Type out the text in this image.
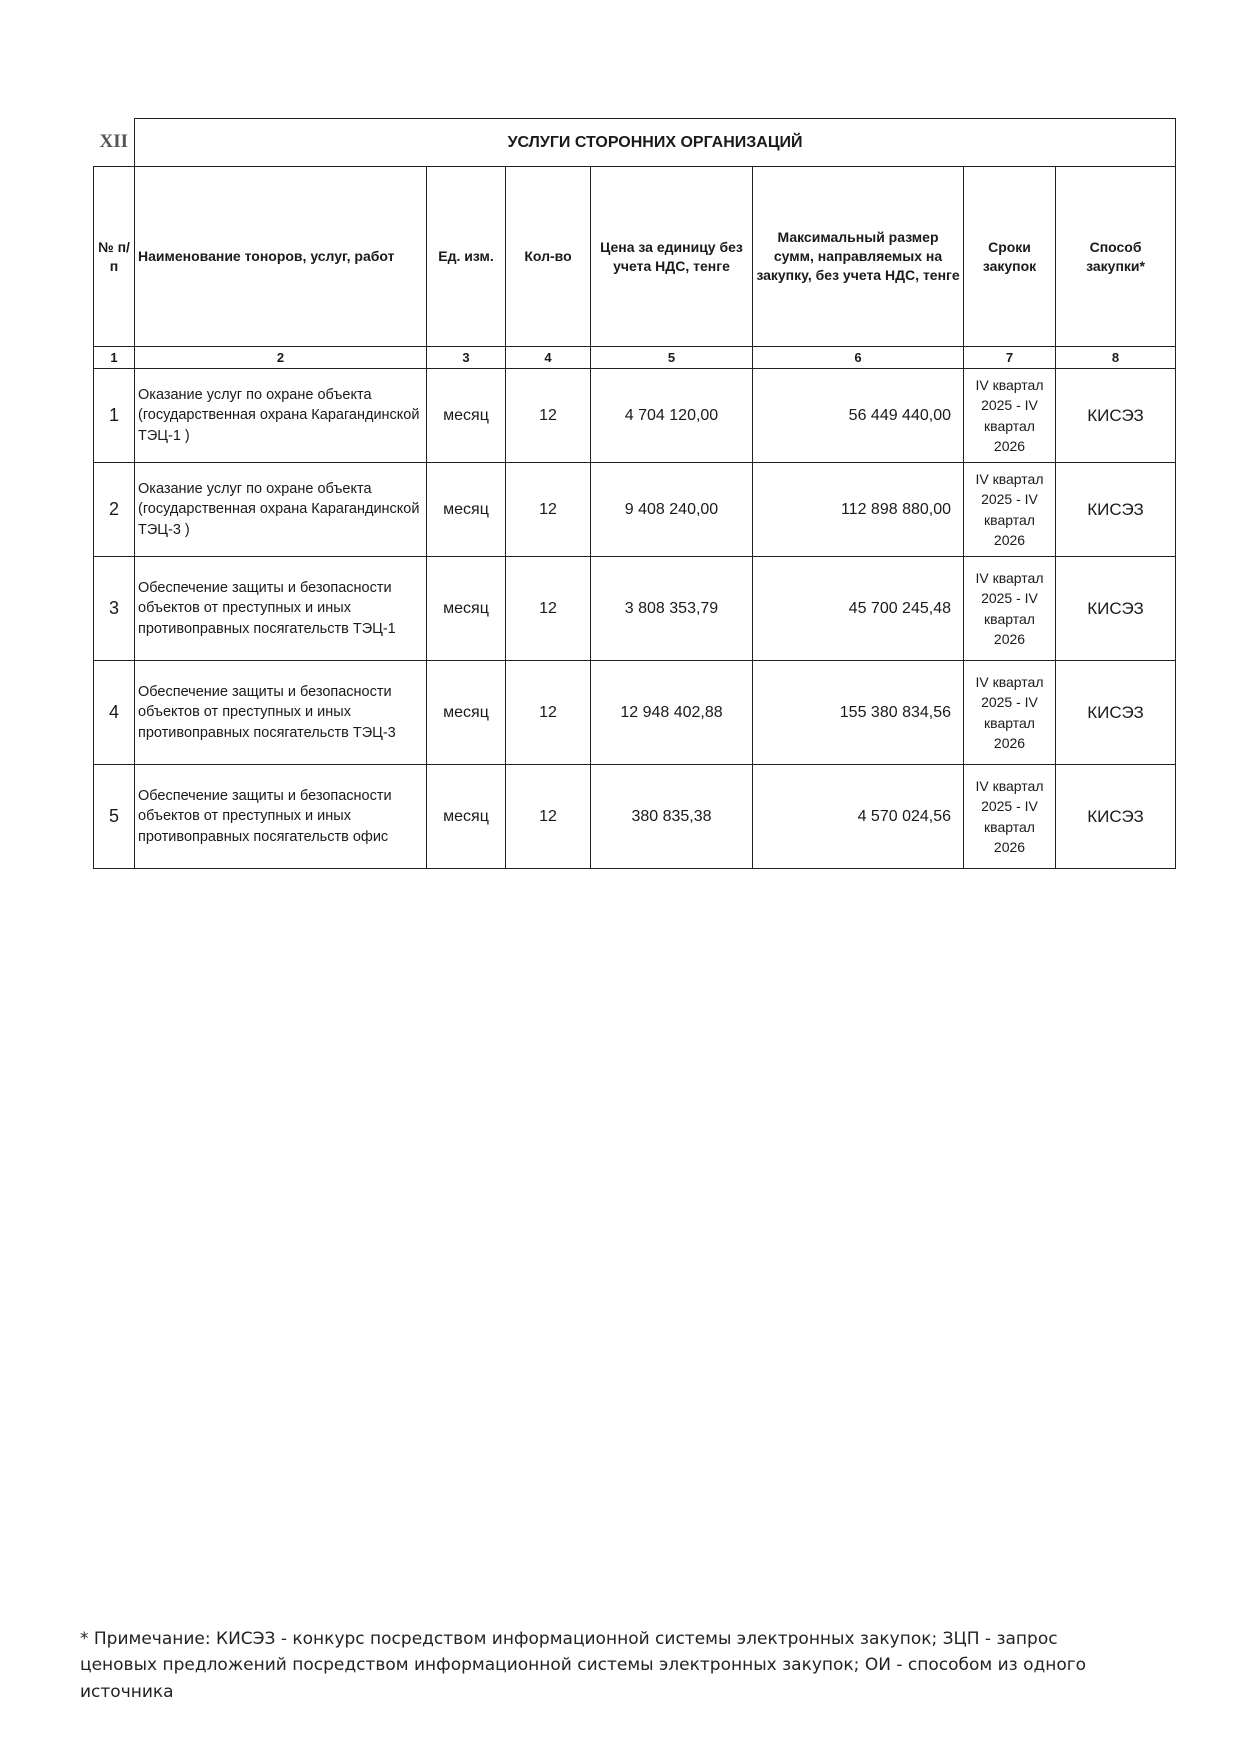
XII	УСЛУГИ СТОРОННИХ ОРГАНИЗАЦИЙ						
№ п/п	Наименование тоноров, услуг, работ	Ед. изм.	Кол-во	Цена за единицу без учета НДС, тенге	Максимальный размер сумм, направляемых на закупку, без учета НДС, тенге	Сроки закупок	Способ закупки*
1	2	3	4	5	6	7	8
1	Оказание услуг по охране объекта (государственная охрана Карагандинской ТЭЦ-1 )	месяц	12	4 704 120,00	56 449 440,00	IV квартал 2025 - IV квартал 2026	КИСЭЗ
2	Оказание услуг по охране объекта (государственная охрана Карагандинской ТЭЦ-3 )	месяц	12	9 408 240,00	112 898 880,00	IV квартал 2025 - IV квартал 2026	КИСЭЗ
3	Обеспечение защиты и безопасности объектов от преступных и иных противоправных посягательств ТЭЦ-1	месяц	12	3 808 353,79	45 700 245,48	IV квартал 2025 - IV квартал 2026	КИСЭЗ
4	Обеспечение защиты и безопасности объектов от преступных и иных противоправных посягательств ТЭЦ-3	месяц	12	12 948 402,88	155 380 834,56	IV квартал 2025 - IV квартал 2026	КИСЭЗ
5	Обеспечение защиты и безопасности объектов от преступных и иных противоправных посягательств офис	месяц	12	380 835,38	4 570 024,56	IV квартал 2025 - IV квартал 2026	КИСЭЗ
* Примечание: КИСЭЗ - конкурс посредством информационной системы электронных закупок; ЗЦП - запрос ценовых предложений посредством информационной системы электронных закупок; ОИ - способом из одного источника
